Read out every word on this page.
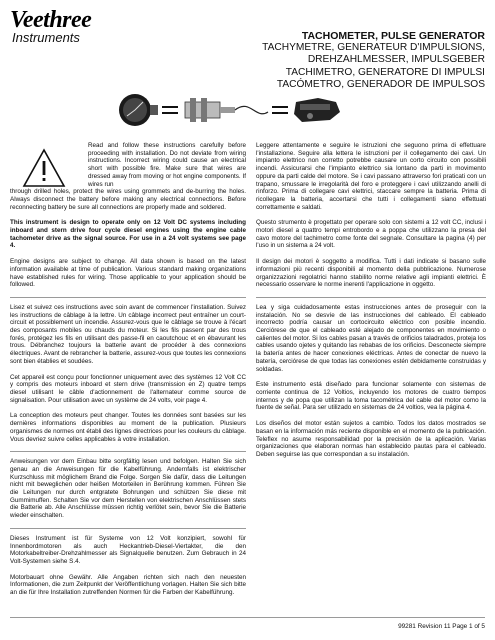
Veethree
Instruments	TACHOMETER, PULSE GENERATOR
TACHYMETRE, GENERATEUR D'IMPULSIONS,
DREHZAHLMESSER, IMPULSGEBER
TACHIMETRO, GENERATORE DI IMPULSI
TACÓMETRO, GENERADOR DE IMPULSOS

Read and follow these instructions carefully before proceeding with installation. Do not deviate from wiring instructions. Incorrect wiring could cause an electrical short with possible fire. Make sure that wires are dressed away from moving or hot engine components. If wires run

through drilled holes, protect the wires using grommets and de-burring the holes. Always disconnect the battery before making any electrical connections. Before reconnecting battery be sure all connections are properly made and soldered.

This instrument is design to operate only on 12 Volt DC systems including inboard and stern drive four cycle diesel engines using the engine cable tachometer drive as the signal source. For use in a 24 volt systems see page 4.

Engine designs are subject to change. All data shown is based on the latest information available at time of publication. Various standard making organizations have established rules for wiring. Those applicable to your application should be followed.

Lisez et suivez ces instructions avec soin avant de commencer l'installation. Suivez les instructions de câblage à la lettre. Un câblage incorrect peut entraîner un court-circuit et possiblement un incendie. Assurez-vous que le câblage se trouve à l'écart des composants mobiles ou chauds du moteur. Si les fils passent par des trous forés, protégez les fils en utilisant des passe-fil en caoutchouc et en ébavurant les trous. Débranchez toujours la batterie avant de procéder à des connexions électriques. Avant de rebrancher la batterie, assurez-vous que toutes les connexions sont bien établies et soudées.

Cet appareil est conçu pour fonctionner uniquement avec des systèmes 12 Volt CC y compris des moteurs inboard et stern drive (transmission en Z) quatre temps diesel utilisant le câble d'actionnement de l'alternateur comme source de signalisation. Pour utilisation avec un système de 24 volts, voir page 4.

La conception des moteurs peut changer. Toutes les données sont basées sur les dernières informations disponibles au moment de la publication. Plusieurs organismes de normes ont établi des lignes directrices pour les couleurs du câblage. Vous devriez suivre celles applicables à votre installation.

Anweisungen vor dem Einbau bitte sorgfältig lesen und befolgen. Halten Sie sich genau an die Anweisungen für die Kabelführung. Andernfalls ist elektrischer Kurzschluss mit möglichem Brand die Folge. Sorgen Sie dafür, dass die Leitungen nicht mit beweglichen oder heißen Motorteilen in Berührung kommen. Führen Sie die Leitungen nur durch entgratete Bohrungen und schützen Sie diese mit Gummimuffen. Schalten Sie vor dem Herstellen von elektrischen Anschlüssen stets die Batterie ab. Alle Anschlüsse müssen richtig verlötet sein, bevor Sie die Batterie wieder einschalten.

Dieses Instrument ist für Systeme von 12 Volt konzipiert, sowohl für Innenbordmotoren als auch Heckantrieb-Diesel-Viertakter, die den Motorkabeltreiber-Drehzahlmesser als Signalquelle benutzen. Zum Gebrauch in 24 Volt-Systemen siehe S.4.

Motorbauart ohne Gewähr. Alle Angaben richten sich nach den neuesten Informationen, die zum Zeitpunkt der Veröffentlichung vorlagen. Halten Sie sich bitte an die für Ihre Installation zutreffenden Normen für die Farben der Kabelführung.

Leggere attentamente e seguire le istruzioni che seguono prima di effettuare l'installazione. Seguire alla lettera le istruzioni per il collegamento dei cavi. Un impianto elettrico non corretto potrebbe causare un corto circuito con possibili incendi. Assicurarsi che l'impianto elettrico sia lontano da parti in movimento oppure da parti calde del motore. Se i cavi passano attraverso fori praticati con un trapano, smussare le irregolarità del foro e proteggere i cavi utilizzando anelli di rinforzo. Prima di collegare cavi elettrici, staccare sempre la batteria. Prima di ricollegare la batteria, accertarsi che tutti i collegamenti siano effettuati correttamente e saldati.

Questo strumento è progettato per operare solo con sistemi a 12 volt CC, inclusi i motori diesel a quattro tempi entrobordo e a poppa che utilizzano la presa del cavo motore del tachimetro come fonte del segnale. Consultare la pagina (4) per l'uso in un sistema a 24 volt.

Il design dei motori è soggetto a modifica. Tutti i dati indicate si basano sulle informazioni più recenti disponibili al momento della pubblicazione. Numerose organizzazioni regolatrici hanno stabilito norme relative agli impianti elettrici. È necessario osservare le norme inerenti l'applicazione in oggetto.

Lea y siga cuidadosamente estas instrucciones antes de proseguir con la instalación. No se desvíe de las instrucciones del cableado. El cableado incorrecto podría causar un cortocircuito eléctrico con posible incendio. Cerciórese de que el cableado esté alejado de componentes en movimiento o calientes del motor. Si los cables pasan a través de orificios taladrados, proteja los cables usando ojetes y quitando las rebabas de los orificios. Desconecte siempre la batería antes de hacer conexiones eléctricas. Antes de conectar de nuevo la batería, cerciórese de que todas las conexiones estén debidamente construidas y soldadas.

Este instrumento está diseñado para funcionar solamente con sistemas de corriente continua de 12 Voltios, incluyendo los motores de cuatro tiempos internos y de popa que utilizan la toma tacométrica del cable del motor como la fuente de señal. Para ser utilizado en sistemas de 24 voltios, vea la página 4.

Los diseños del motor están sujetos a cambio. Todos los datos mostrados se basan en la información más reciente disponible en el momento de la publicación. Teleflex no asume responsabilidad por la precisión de la aplicación. Varias organizaciones que elaboran normas han establecido pautas para el cableado. Deben seguirse las que correspondan a su instalación.

99281 Revision 11 Page 1 of 5
